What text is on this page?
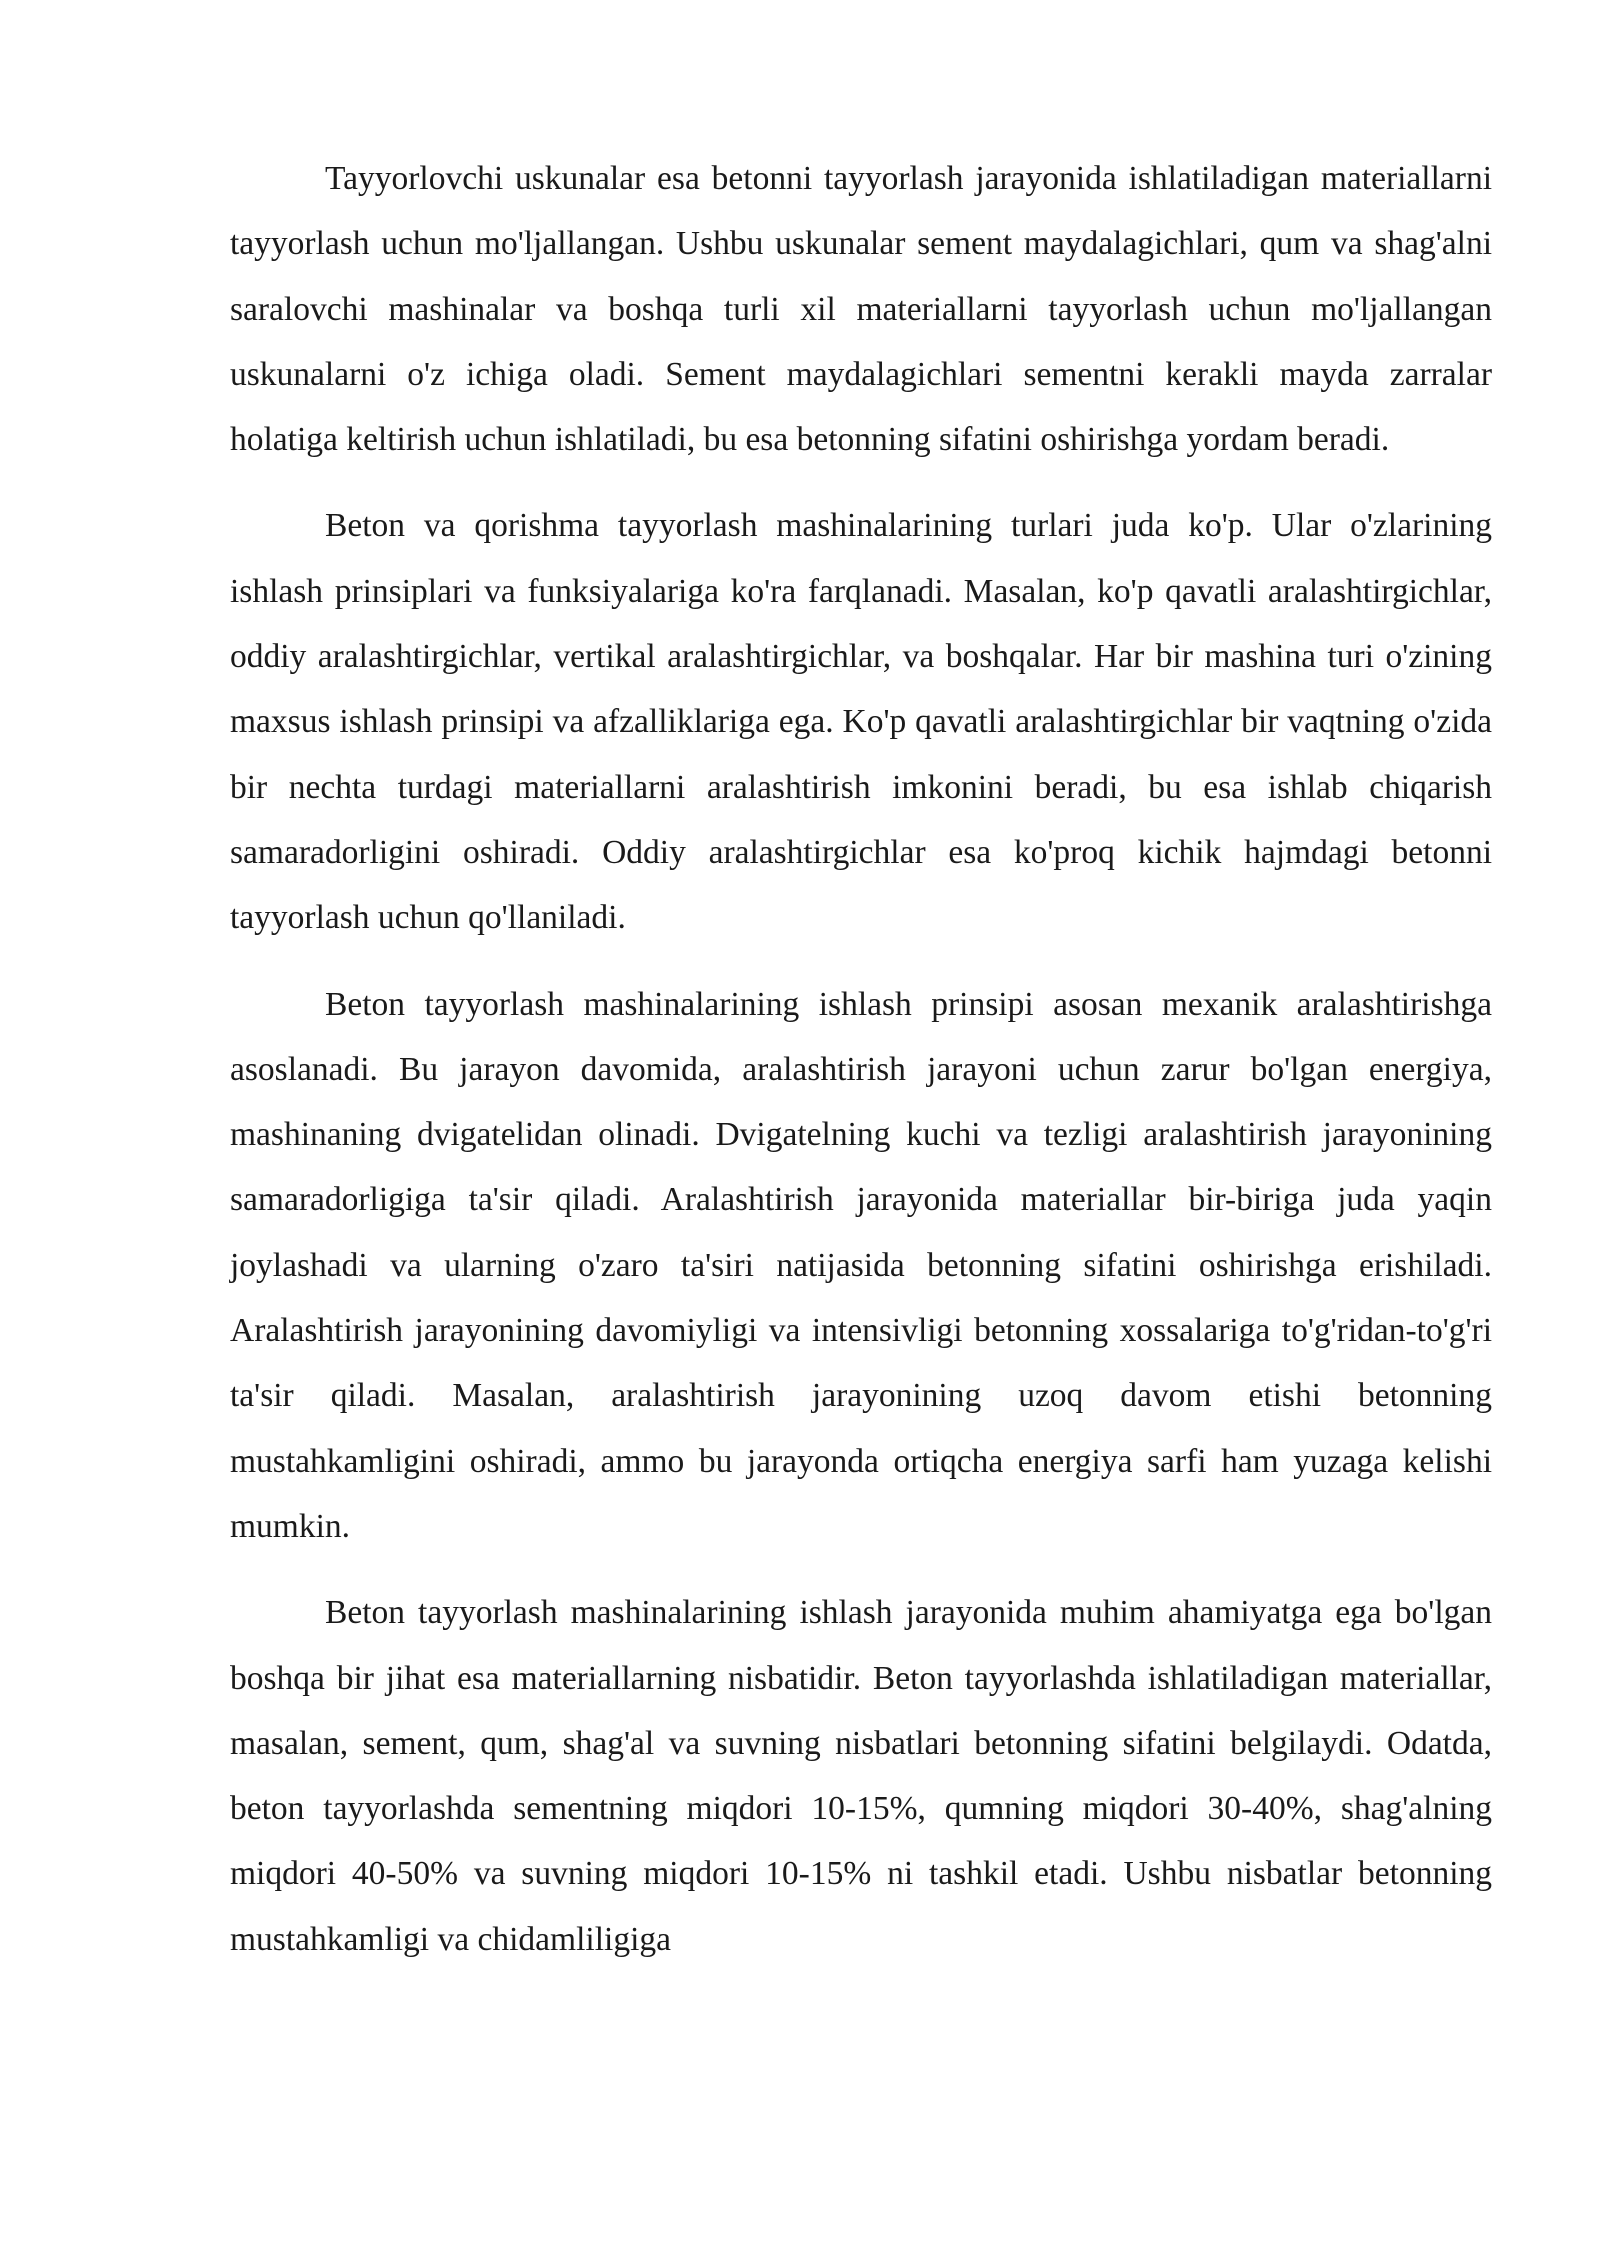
Tayyorlovchi uskunalar esa betonni tayyorlash jarayonida ishlatiladigan materiallarni tayyorlash uchun mo'ljallangan. Ushbu uskunalar sement maydalagichlari, qum va shag'alni saralovchi mashinalar va boshqa turli xil materiallarni tayyorlash uchun mo'ljallangan uskunalarni o'z ichiga oladi. Sement maydalagichlari sementni kerakli mayda zarralar holatiga keltirish uchun ishlatiladi, bu esa betonning sifatini oshirishga yordam beradi.

Beton va qorishma tayyorlash mashinalarining turlari juda ko'p. Ular o'zlarining ishlash prinsiplari va funksiyalariga ko'ra farqlanadi. Masalan, ko'p qavatli aralashtirgichlar, oddiy aralashtirgichlar, vertikal aralashtirgichlar, va boshqalar. Har bir mashina turi o'zining maxsus ishlash prinsipi va afzalliklariga ega. Ko'p qavatli aralashtirgichlar bir vaqtning o'zida bir nechta turdagi materiallarni aralashtirish imkonini beradi, bu esa ishlab chiqarish samaradorligini oshiradi. Oddiy aralashtirgichlar esa ko'proq kichik hajmdagi betonni tayyorlash uchun qo'llaniladi.

Beton tayyorlash mashinalarining ishlash prinsipi asosan mexanik aralashtirishga asoslanadi. Bu jarayon davomida, aralashtirish jarayoni uchun zarur bo'lgan energiya, mashinaning dvigatelidan olinadi. Dvigatelning kuchi va tezligi aralashtirish jarayonining samaradorligiga ta'sir qiladi. Aralashtirish jarayonida materiallar bir-biriga juda yaqin joylashadi va ularning o'zaro ta'siri natijasida betonning sifatini oshirishga erishiladi. Aralashtirish jarayonining davomiyligi va intensivligi betonning xossalariga to'g'ridan-to'g'ri ta'sir qiladi. Masalan, aralashtirish jarayonining uzoq davom etishi betonning mustahkamligini oshiradi, ammo bu jarayonda ortiqcha energiya sarfi ham yuzaga kelishi mumkin.

Beton tayyorlash mashinalarining ishlash jarayonida muhim ahamiyatga ega bo'lgan boshqa bir jihat esa materiallarning nisbatidir. Beton tayyorlashda ishlatiladigan materiallar, masalan, sement, qum, shag'al va suvning nisbatlari betonning sifatini belgilaydi. Odatda, beton tayyorlashda sementning miqdori 10-15%, qumning miqdori 30-40%, shag'alning miqdori 40-50% va suvning miqdori 10-15% ni tashkil etadi. Ushbu nisbatlar betonning mustahkamligi va chidamliligiga
